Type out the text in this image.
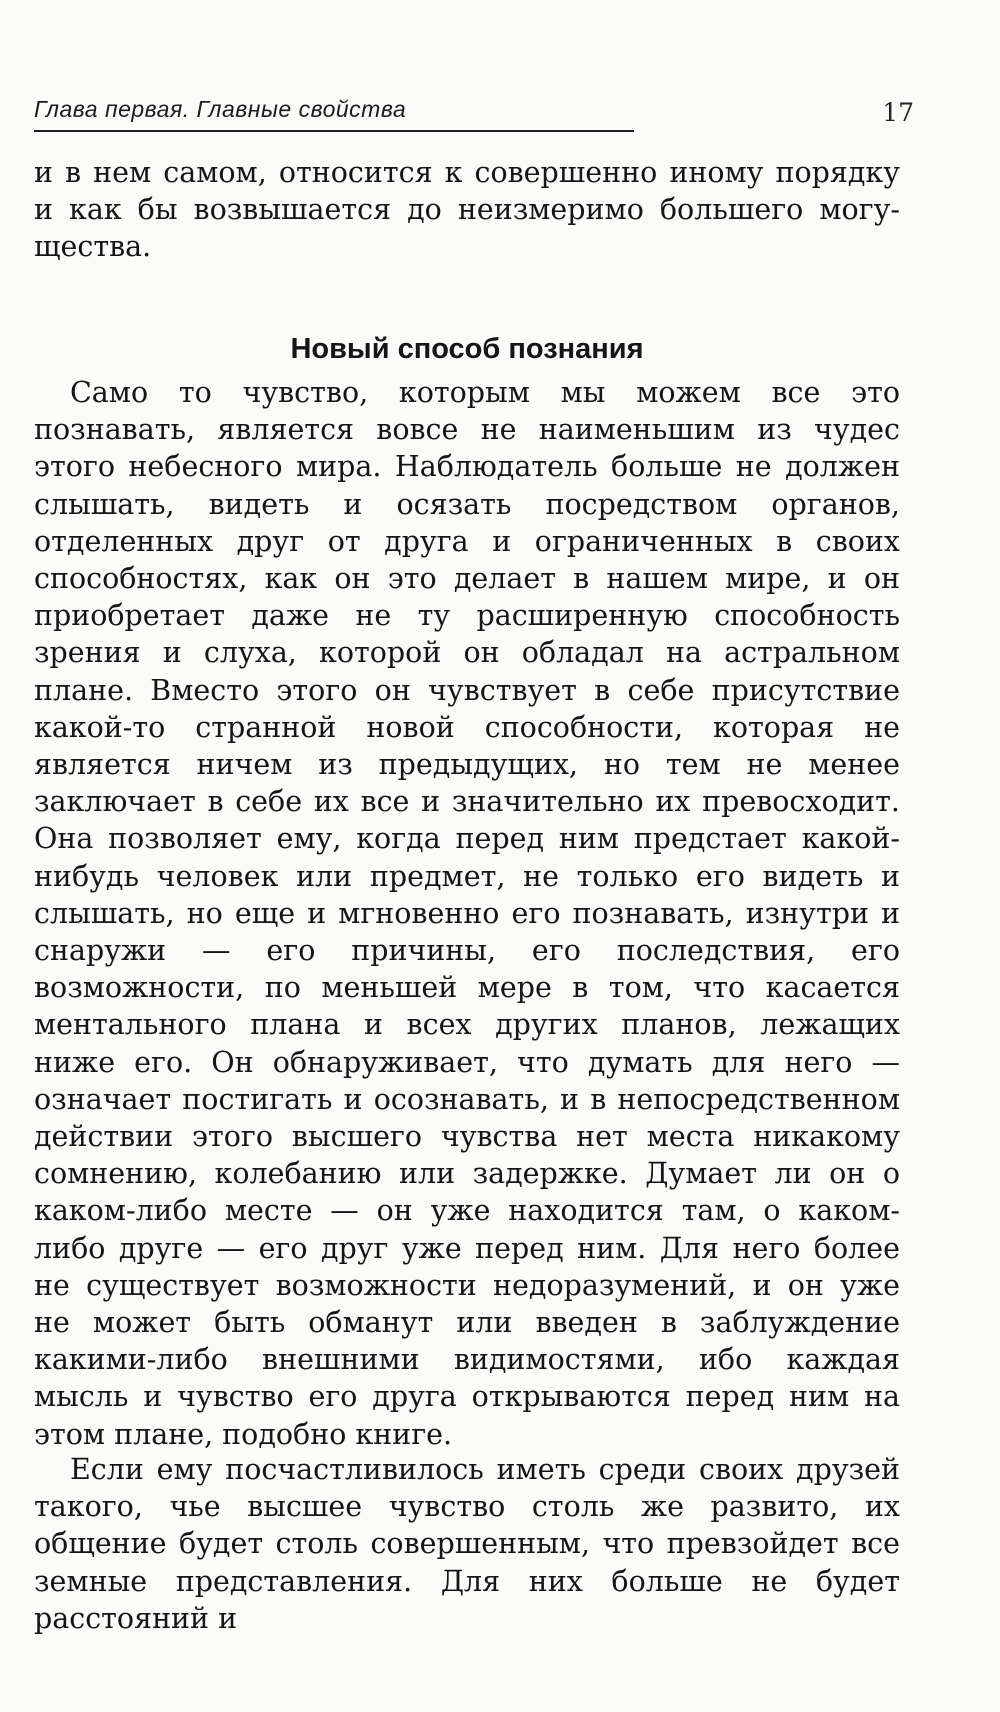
Глава первая. Главные свойства	17

и в нем самом, относится к совершенно иному порядку и как бы возвышается до неизмеримо большего могущества.

Новый способ познания

Само то чувство, которым мы можем все это познавать, является вовсе не наименьшим из чудес этого небесного мира. Наблюдатель больше не должен слышать, видеть и осязать посредством органов, отделенных друг от друга и ограниченных в своих способностях, как он это делает в нашем мире, и он приобретает даже не ту расширенную способность зрения и слуха, которой он обладал на астральном плане. Вместо этого он чувствует в себе присутствие какой-то странной новой способности, которая не является ничем из предыдущих, но тем не менее заключает в себе их все и значительно их превосходит. Она позволяет ему, когда перед ним предстает какой-нибудь человек или предмет, не только его видеть и слышать, но еще и мгновенно его познавать, изнутри и снаружи — его причины, его последствия, его возможности, по меньшей мере в том, что касается ментального плана и всех других планов, лежащих ниже его. Он обнаруживает, что думать для него — означает постигать и осознавать, и в непосредственном действии этого высшего чувства нет места никакому сомнению, колебанию или задержке. Думает ли он о каком-либо месте — он уже находится там, о каком-либо друге — его друг уже перед ним. Для него более не существует возможности недоразумений, и он уже не может быть обманут или введен в заблуждение какими-либо внешними видимостями, ибо каждая мысль и чувство его друга открываются перед ним на этом плане, подобно книге.

Если ему посчастливилось иметь среди своих друзей такого, чье высшее чувство столь же развито, их общение будет столь совершенным, что превзойдет все земные представления. Для них больше не будет расстояний и
